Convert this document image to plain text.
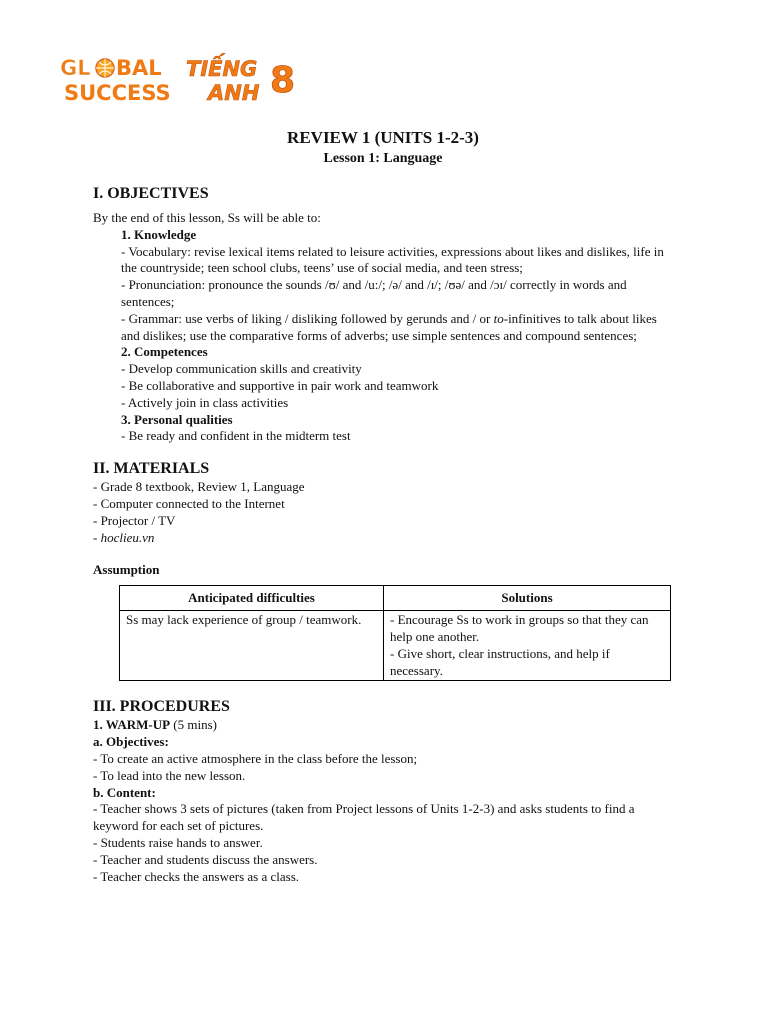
GL BAL
SUCCESS
TIẾNG
ANH 8

REVIEW 1 (UNITS 1-2-3)

Lesson 1: Language

I. OBJECTIVES

By the end of this lesson, Ss will be able to:

1. Knowledge

- Vocabulary: revise lexical items related to leisure activities, expressions about likes and dislikes, life in the countryside; teen school clubs, teens’ use of social media, and teen stress;

- Pronunciation: pronounce the sounds /ʊ/ and /u:/; /ə/ and /ɪ/; /ʊə/ and /ɔɪ/ correctly in words and sentences;

- Grammar: use verbs of liking / disliking followed by gerunds and / or to-infinitives to talk about likes and dislikes; use the comparative forms of adverbs; use simple sentences and compound sentences;

2. Competences

- Develop communication skills and creativity

- Be collaborative and supportive in pair work and teamwork

- Actively join in class activities

3. Personal qualities

- Be ready and confident in the midterm test

II. MATERIALS

- Grade 8 textbook, Review 1, Language

- Computer connected to the Internet

- Projector / TV

- hoclieu.vn

Assumption

Anticipated difficulties	Solutions
Ss may lack experience of group / teamwork.	- Encourage Ss to work in groups so that they can help one another.
- Give short, clear instructions, and help if necessary.

III. PROCEDURES

1. WARM-UP (5 mins)

a. Objectives:

- To create an active atmosphere in the class before the lesson;

- To lead into the new lesson.

b. Content:

- Teacher shows 3 sets of pictures (taken from Project lessons of Units 1-2-3) and asks students to find a keyword for each set of pictures.

- Students raise hands to answer.

- Teacher and students discuss the answers.

- Teacher checks the answers as a class.
